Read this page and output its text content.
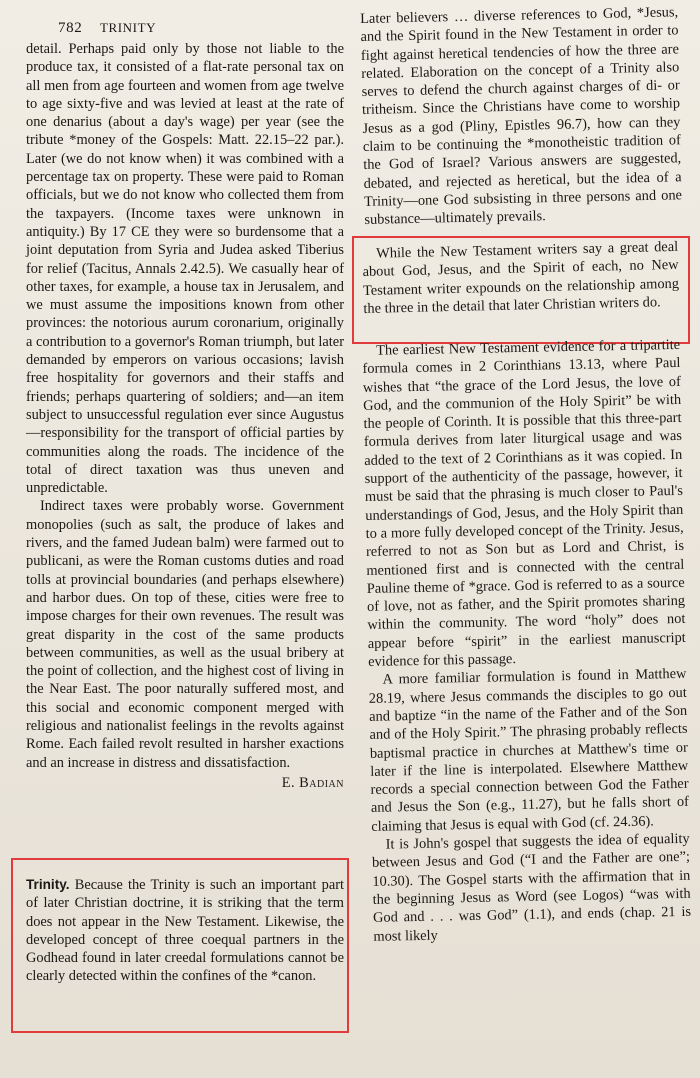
782 TRINITY

detail. Perhaps paid only by those not liable to the produce tax, it consisted of a flat-rate personal tax on all men from age fourteen and women from age twelve to age sixty-five and was levied at least at the rate of one denarius (about a day's wage) per year (see the tribute *money of the Gospels: Matt. 22.15–22 par.). Later (we do not know when) it was combined with a percentage tax on property. These were paid to Roman officials, but we do not know who collected them from the taxpayers. (Income taxes were unknown in antiquity.) By 17 CE they were so burdensome that a joint deputation from Syria and Judea asked Tiberius for relief (Tacitus, Annals 2.42.5). We casually hear of other taxes, for example, a house tax in Jerusalem, and we must assume the impositions known from other provinces: the notorious aurum coronarium, originally a contribution to a governor's Roman triumph, but later demanded by emperors on various occasions; lavish free hospitality for governors and their staffs and friends; perhaps quartering of soldiers; and—an item subject to unsuccessful regulation ever since Augustus—responsibility for the transport of official parties by communities along the roads. The incidence of the total of direct taxation was thus uneven and unpredictable.

Indirect taxes were probably worse. Government monopolies (such as salt, the produce of lakes and rivers, and the famed Judean balm) were farmed out to publicani, as were the Roman customs duties and road tolls at provincial boundaries (and perhaps elsewhere) and harbor dues. On top of these, cities were free to impose charges for their own revenues. The result was great disparity in the cost of the same products between communities, as well as the usual bribery at the point of collection, and the highest cost of living in the Near East. The poor naturally suffered most, and this social and economic component merged with religious and nationalist feelings in the revolts against Rome. Each failed revolt resulted in harsher exactions and an increase in distress and dissatisfaction.

E. Badian
Trinity. Because the Trinity is such an important part of later Christian doctrine, it is striking that the term does not appear in the New Testament. Likewise, the developed concept of three coequal partners in the Godhead found in later creedal formulations cannot be clearly detected within the confines of the *canon.

Later believers … diverse references to God, *Jesus, and the Spirit found in the New Testament in order to fight against heretical tendencies of how the three are related. Elaboration on the concept of a Trinity also serves to defend the church against charges of di- or tritheism. Since the Christians have come to worship Jesus as a god (Pliny, Epistles 96.7), how can they claim to be continuing the *monotheistic tradition of the God of Israel? Various answers are suggested, debated, and rejected as heretical, but the idea of a Trinity—one God subsisting in three persons and one substance—ultimately prevails.

While the New Testament writers say a great deal about God, Jesus, and the Spirit of each, no New Testament writer expounds on the relationship among the three in the detail that later Christian writers do.

The earliest New Testament evidence for a tripartite formula comes in 2 Corinthians 13.13, where Paul wishes that “the grace of the Lord Jesus, the love of God, and the communion of the Holy Spirit” be with the people of Corinth. It is possible that this three-part formula derives from later liturgical usage and was added to the text of 2 Corinthians as it was copied. In support of the authenticity of the passage, however, it must be said that the phrasing is much closer to Paul's understandings of God, Jesus, and the Holy Spirit than to a more fully developed concept of the Trinity. Jesus, referred to not as Son but as Lord and Christ, is mentioned first and is connected with the central Pauline theme of *grace. God is referred to as a source of love, not as father, and the Spirit promotes sharing within the community. The word “holy” does not appear before “spirit” in the earliest manuscript evidence for this passage.

A more familiar formulation is found in Matthew 28.19, where Jesus commands the disciples to go out and baptize “in the name of the Father and of the Son and of the Holy Spirit.” The phrasing probably reflects baptismal practice in churches at Matthew's time or later if the line is interpolated. Elsewhere Matthew records a special connection between God the Father and Jesus the Son (e.g., 11.27), but he falls short of claiming that Jesus is equal with God (cf. 24.36).

It is John's gospel that suggests the idea of equality between Jesus and God (“I and the Father are one”; 10.30). The Gospel starts with the affirmation that in the beginning Jesus as Word (see Logos) “was with God and . . . was God” (1.1), and ends (chap. 21 is most likely
